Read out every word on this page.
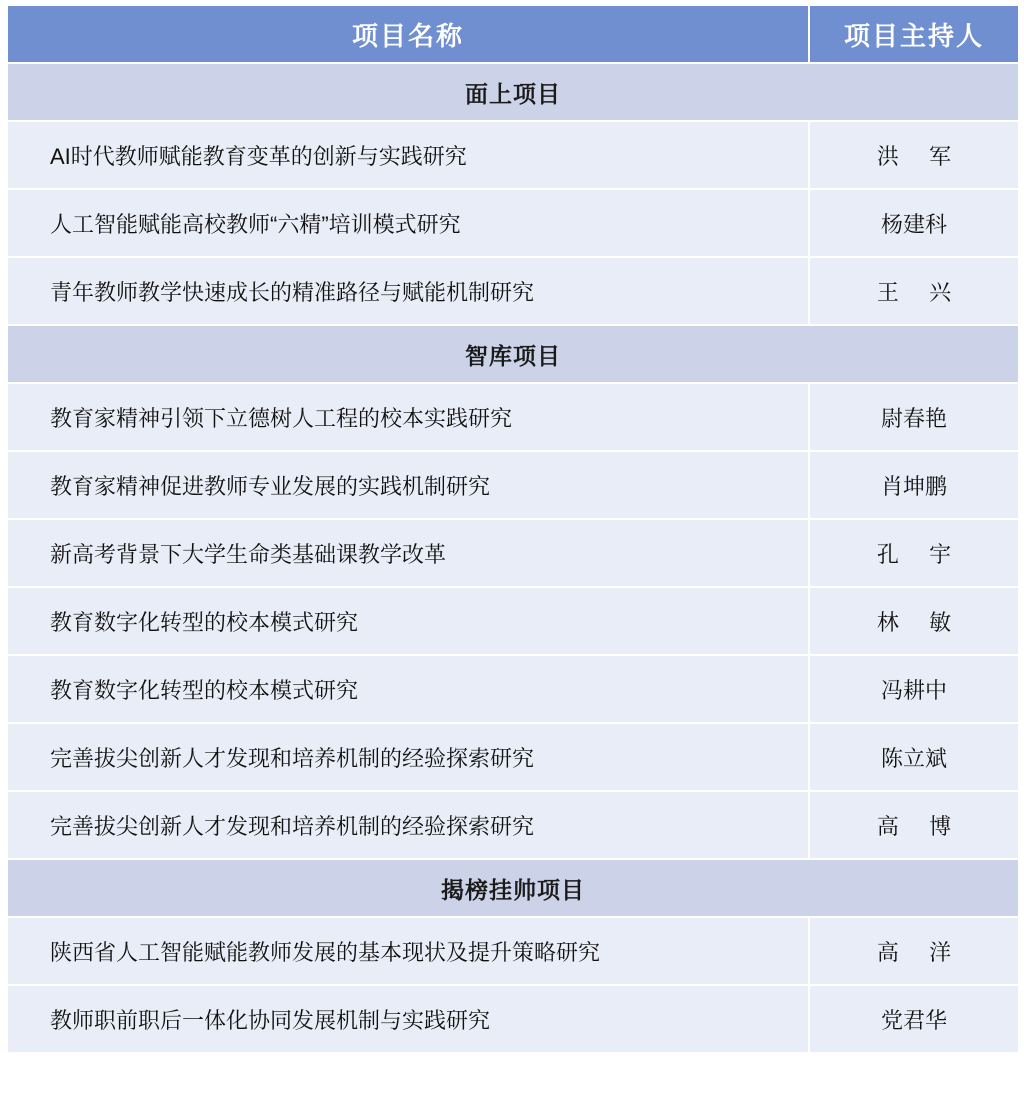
项目名称	项目主持人
面上项目	
AI时代教师赋能教育变革的创新与实践研究	洪 军
人工智能赋能高校教师“六精”培训模式研究	杨建科
青年教师教学快速成长的精准路径与赋能机制研究	王 兴
智库项目	
教育家精神引领下立德树人工程的校本实践研究	尉春艳
教育家精神促进教师专业发展的实践机制研究	肖坤鹏
新高考背景下大学生命类基础课教学改革	孔 宇
教育数字化转型的校本模式研究	林 敏
教育数字化转型的校本模式研究	冯耕中
完善拔尖创新人才发现和培养机制的经验探索研究	陈立斌
完善拔尖创新人才发现和培养机制的经验探索研究	高 博
揭榜挂帅项目	
陕西省人工智能赋能教师发展的基本现状及提升策略研究	高 洋
教师职前职后一体化协同发展机制与实践研究	党君华
